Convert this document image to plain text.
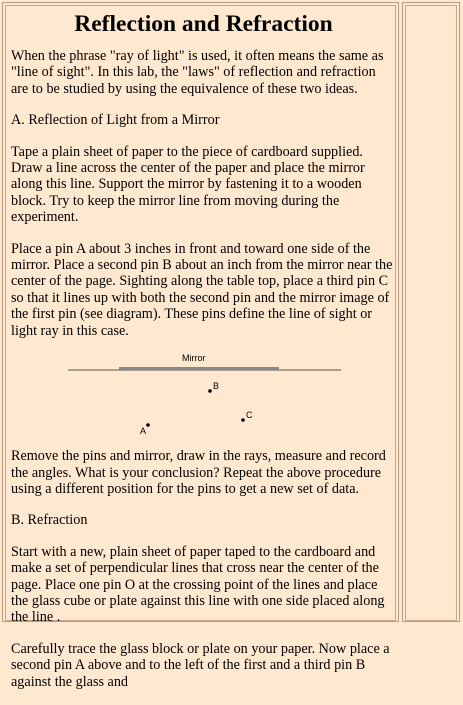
Reflection and Refraction

When the phrase "ray of light" is used, it often means the same as "line of sight". In this lab, the "laws" of reflection and refraction are to be studied by using the equivalence of these two ideas.

A. Reflection of Light from a Mirror

Tape a plain sheet of paper to the piece of cardboard supplied. Draw a line across the center of the paper and place the mirror along this line. Support the mirror by fastening it to a wooden block. Try to keep the mirror line from moving during the experiment.

Place a pin A about 3 inches in front and toward one side of the mirror. Place a second pin B about an inch from the mirror near the center of the page. Sighting along the table top, place a third pin C so that it lines up with both the second pin and the mirror image of the first pin (see diagram). These pins define the line of sight or light ray in this case.

Mirror
B
C
A

Remove the pins and mirror, draw in the rays, measure and record the angles. What is your conclusion? Repeat the above procedure using a different position for the pins to get a new set of data.

B. Refraction

Start with a new, plain sheet of paper taped to the cardboard and make a set of perpendicular lines that cross near the center of the page. Place one pin O at the crossing point of the lines and place the glass cube or plate against this line with one side placed along the line .

Carefully trace the glass block or plate on your paper. Now place a second pin A above and to the left of the first and a third pin B against the glass and
